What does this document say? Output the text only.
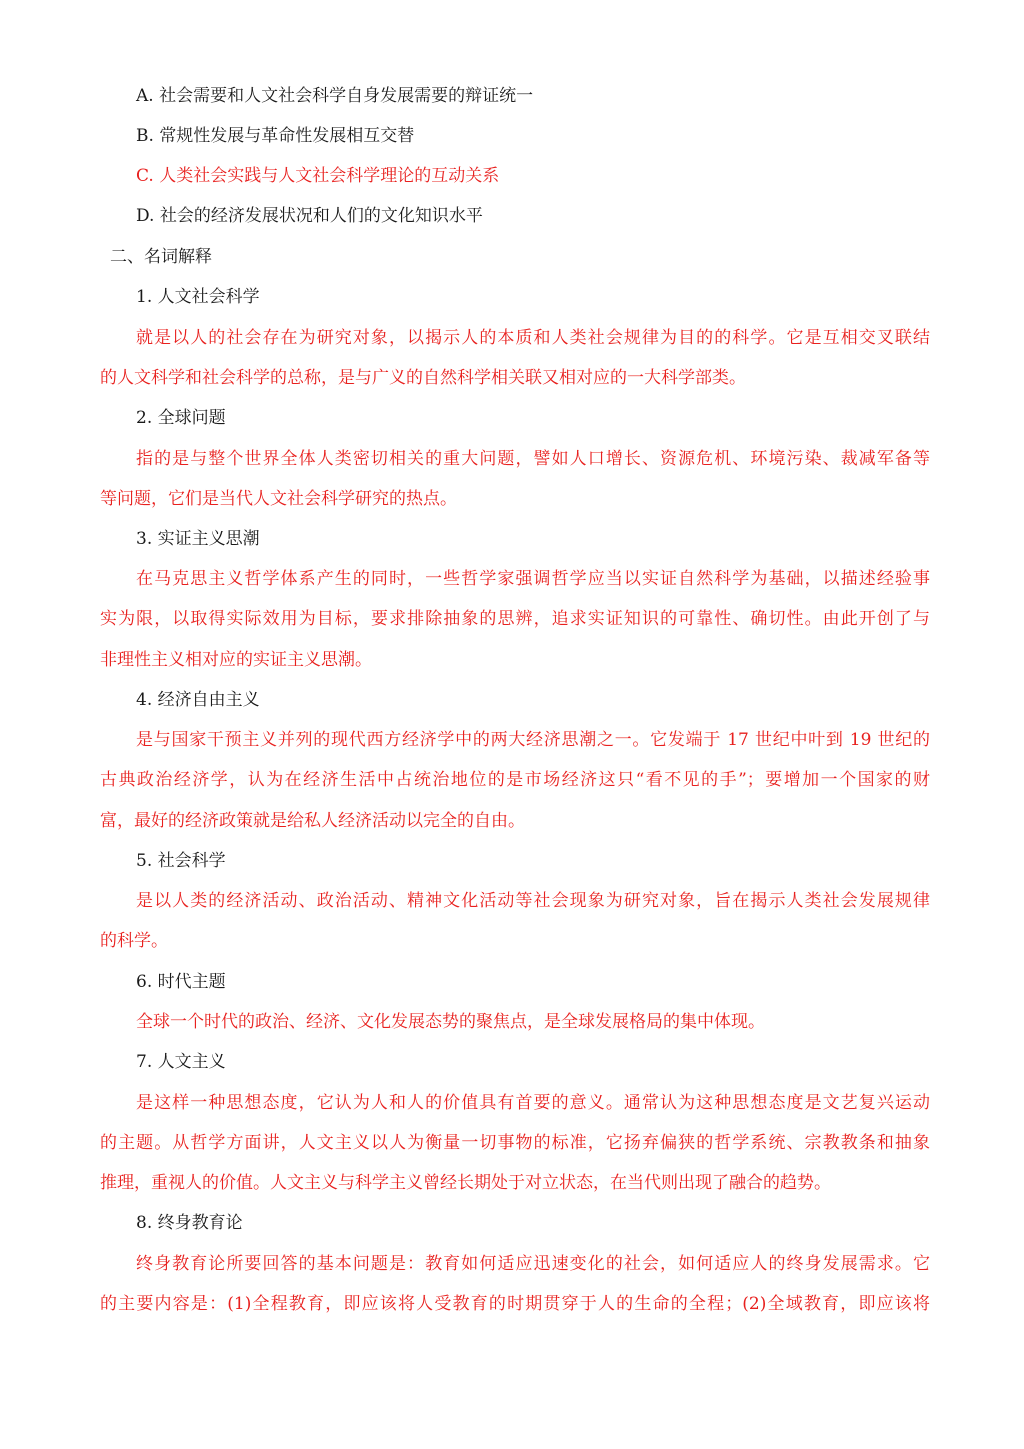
A. 社会需要和人文社会科学自身发展需要的辩证统一
B. 常规性发展与革命性发展相互交替
C. 人类社会实践与人文社会科学理论的互动关系
D. 社会的经济发展状况和人们的文化知识水平
二、名词解释
1. 人文社会科学
就是以人的社会存在为研究对象，以揭示人的本质和人类社会规律为目的的科学。它是互相交叉联结
的人文科学和社会科学的总称，是与广义的自然科学相关联又相对应的一大科学部类。
2. 全球问题
指的是与整个世界全体人类密切相关的重大问题，譬如人口增长、资源危机、环境污染、裁减军备等
等问题，它们是当代人文社会科学研究的热点。
3. 实证主义思潮
在马克思主义哲学体系产生的同时，一些哲学家强调哲学应当以实证自然科学为基础，以描述经验事
实为限，以取得实际效用为目标，要求排除抽象的思辨，追求实证知识的可靠性、确切性。由此开创了与
非理性主义相对应的实证主义思潮。
4. 经济自由主义
是与国家干预主义并列的现代西方经济学中的两大经济思潮之一。它发端于 17 世纪中叶到 19 世纪的
古典政治经济学，认为在经济生活中占统治地位的是市场经济这只“看不见的手”；要增加一个国家的财
富，最好的经济政策就是给私人经济活动以完全的自由。
5. 社会科学
是以人类的经济活动、政治活动、精神文化活动等社会现象为研究对象，旨在揭示人类社会发展规律
的科学。
6. 时代主题
全球一个时代的政治、经济、文化发展态势的聚焦点，是全球发展格局的集中体现。
7. 人文主义
是这样一种思想态度，它认为人和人的价值具有首要的意义。通常认为这种思想态度是文艺复兴运动
的主题。从哲学方面讲，人文主义以人为衡量一切事物的标准，它扬弃偏狭的哲学系统、宗教教条和抽象
推理，重视人的价值。人文主义与科学主义曾经长期处于对立状态，在当代则出现了融合的趋势。
8. 终身教育论
终身教育论所要回答的基本问题是：教育如何适应迅速变化的社会，如何适应人的终身发展需求。它
的主要内容是：(1)全程教育，即应该将人受教育的时期贯穿于人的生命的全程；(2)全域教育，即应该将
